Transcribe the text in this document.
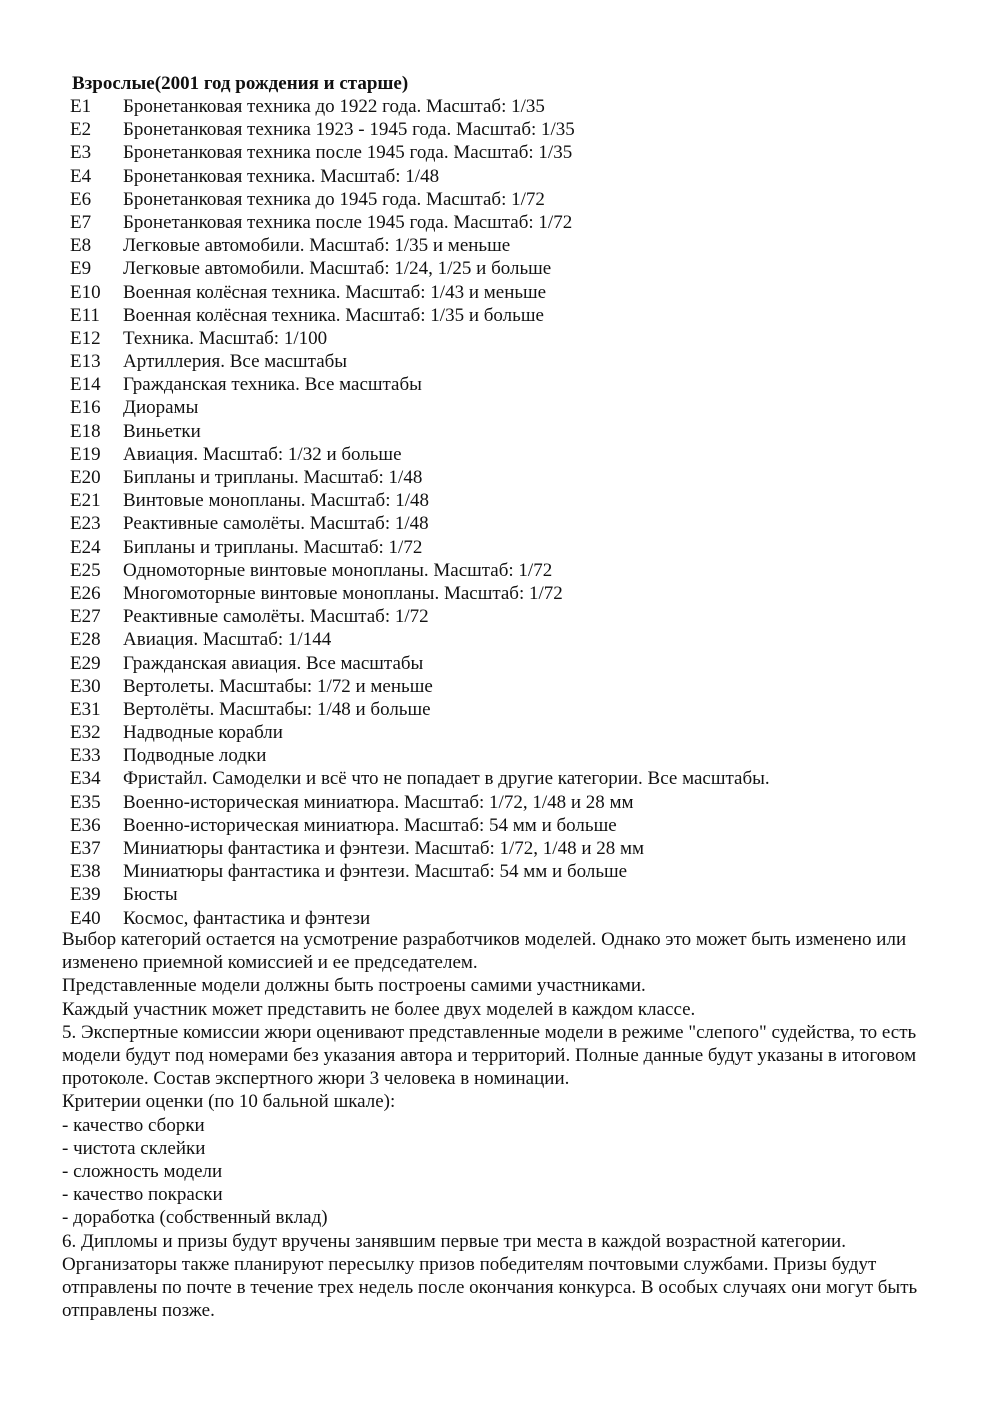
Взрослые(2001 год рождения и старше)
E1 Бронетанковая техника до 1922 года. Масштаб: 1/35
E2 Бронетанковая техника 1923 - 1945 года. Масштаб: 1/35
E3 Бронетанковая техника после 1945 года. Масштаб: 1/35
E4 Бронетанковая техника. Масштаб: 1/48
E6 Бронетанковая техника до 1945 года. Масштаб: 1/72
E7 Бронетанковая техника после 1945 года. Масштаб: 1/72
E8 Легковые автомобили. Масштаб: 1/35 и меньше
E9 Легковые автомобили. Масштаб: 1/24, 1/25 и больше
E10 Военная колёсная техника. Масштаб: 1/43 и меньше
E11 Военная колёсная техника. Масштаб: 1/35 и больше
E12 Техника. Масштаб: 1/100
E13 Артиллерия. Все масштабы
E14 Гражданская техника. Все масштабы
E16 Диорамы
E18 Виньетки
E19 Авиация. Масштаб: 1/32 и больше
E20 Бипланы и трипланы. Масштаб: 1/48
E21 Винтовые монопланы. Масштаб: 1/48
E23 Реактивные самолёты. Масштаб: 1/48
E24 Бипланы и трипланы. Масштаб: 1/72
E25 Одномоторные винтовые монопланы. Масштаб: 1/72
E26 Многомоторные винтовые монопланы. Масштаб: 1/72
E27 Реактивные самолёты. Масштаб: 1/72
E28 Авиация. Масштаб: 1/144
E29 Гражданская авиация. Все масштабы
E30 Вертолеты. Масштабы: 1/72 и меньше
E31 Вертолёты. Масштабы: 1/48 и больше
E32 Надводные корабли
E33 Подводные лодки
E34 Фристайл. Самоделки и всё что не попадает в другие категории. Все масштабы.
E35 Военно-историческая миниатюра. Масштаб: 1/72, 1/48 и 28 мм
E36 Военно-историческая миниатюра. Масштаб: 54 мм и больше
E37 Миниатюры фантастика и фэнтези. Масштаб: 1/72, 1/48 и 28 мм
E38 Миниатюры фантастика и фэнтези. Масштаб: 54 мм и больше
E39 Бюсты
E40 Космос, фантастика и фэнтези

Выбор категорий остается на усмотрение разработчиков моделей. Однако это может быть изменено или изменено приемной комиссией и ее председателем.

Представленные модели должны быть построены самими участниками.

Каждый участник может представить не более двух моделей в каждом классе.

5. Экспертные комиссии жюри оценивают представленные модели в режиме "слепого" судейства, то есть модели будут под номерами без указания автора и территорий. Полные данные будут указаны в итоговом протоколе. Состав экспертного жюри 3 человека в номинации.

Критерии оценки (по 10 бальной шкале):

- качество сборки

- чистота склейки

- сложность модели

- качество покраски

- доработка (собственный вклад)

6. Дипломы и призы будут вручены занявшим первые три места в каждой возрастной категории. Организаторы также планируют пересылку призов победителям почтовыми службами. Призы будут отправлены по почте в течение трех недель после окончания конкурса. В особых случаях они могут быть отправлены позже.
